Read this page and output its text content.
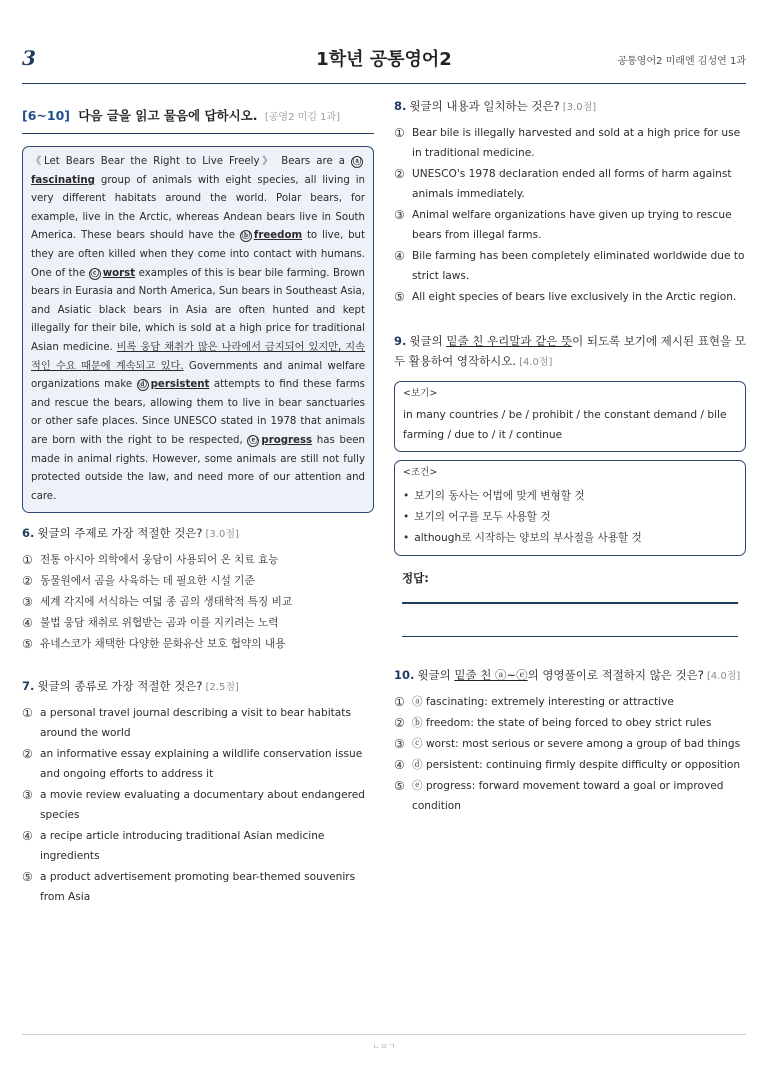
3	1학년 공통영어2	공통영어2 미래엔 김성연 1과
[6~10] 다음 글을 읽고 물음에 답하시오. [공영2 미김 1과]
《Let Bears Bear the Right to Live Freely》 Bears are a ⓐfascinating group of animals with eight species, all living in very different habitats around the world. Polar bears, for example, live in the Arctic, whereas Andean bears live in South America. These bears should have the ⓑ freedom to live, but they are often killed when they come into contact with humans. One of the ⓒ worst examples of this is bear bile farming. Brown bears in Eurasia and North America, Sun bears in Southeast Asia, and Asiatic black bears in Asia are often hunted and kept illegally for their bile, which is sold at a high price for traditional Asian medicine. 비록 웅담 채취가 많은 나라에서 금지되어 있지만, 지속적인 수요 때문에 계속되고 있다. Governments and animal welfare organizations make ⓓ persistent attempts to find these farms and rescue the bears, allowing them to live in bear sanctuaries or other safe places. Since UNESCO stated in 1978 that animals are born with the right to be respected, ⓔ progress has been made in animal rights. However, some animals are still not fully protected outside the law, and need more of our attention and care.
6. 윗글의 주제로 가장 적절한 것은? [3.0점]
① 전통 아시아 의학에서 웅담이 사용되어 온 치료 효능
② 동물원에서 곰을 사육하는 데 필요한 시설 기준
③ 세계 각지에 서식하는 여덟 종 곰의 생태학적 특징 비교
④ 불법 웅담 채취로 위협받는 곰과 이를 지키려는 노력
⑤ 유네스코가 채택한 다양한 문화유산 보호 협약의 내용
7. 윗글의 종류로 가장 적절한 것은? [2.5점]
① a personal travel journal describing a visit to bear habitats around the world
② an informative essay explaining a wildlife conservation issue and ongoing efforts to address it
③ a movie review evaluating a documentary about endangered species
④ a recipe article introducing traditional Asian medicine ingredients
⑤ a product advertisement promoting bear-themed souvenirs from Asia
8. 윗글의 내용과 일치하는 것은? [3.0점]
① Bear bile is illegally harvested and sold at a high price for use in traditional medicine.
② UNESCO's 1978 declaration ended all forms of harm against animals immediately.
③ Animal welfare organizations have given up trying to rescue bears from illegal farms.
④ Bile farming has been completely eliminated worldwide due to strict laws.
⑤ All eight species of bears live exclusively in the Arctic region.
9. 윗글의 밑줄 친 우리말과 같은 뜻이 되도록 보기에 제시된 표현을 모두 활용하여 영작하시오. [4.0점]
<보기>
in many countries / be / prohibit / the constant demand / bile farming / due to / it / continue
<조건>
• 보기의 동사는 어법에 맞게 변형할 것
• 보기의 어구를 모두 사용할 것
• although로 시작하는 양보의 부사절을 사용할 것
정답:
10. 윗글의 밑줄 친 ⓐ~ⓔ의 영영풀이로 적절하지 않은 것은? [4.0점]
① ⓐ fascinating: extremely interesting or attractive
② ⓑ freedom: the state of being forced to obey strict rules
③ ⓒ worst: most serious or severe among a group of bad things
④ ⓓ persistent: continuing firmly despite difficulty or opposition
⑤ ⓔ progress: forward movement toward a goal or improved condition
ㄴㅇㄱ
